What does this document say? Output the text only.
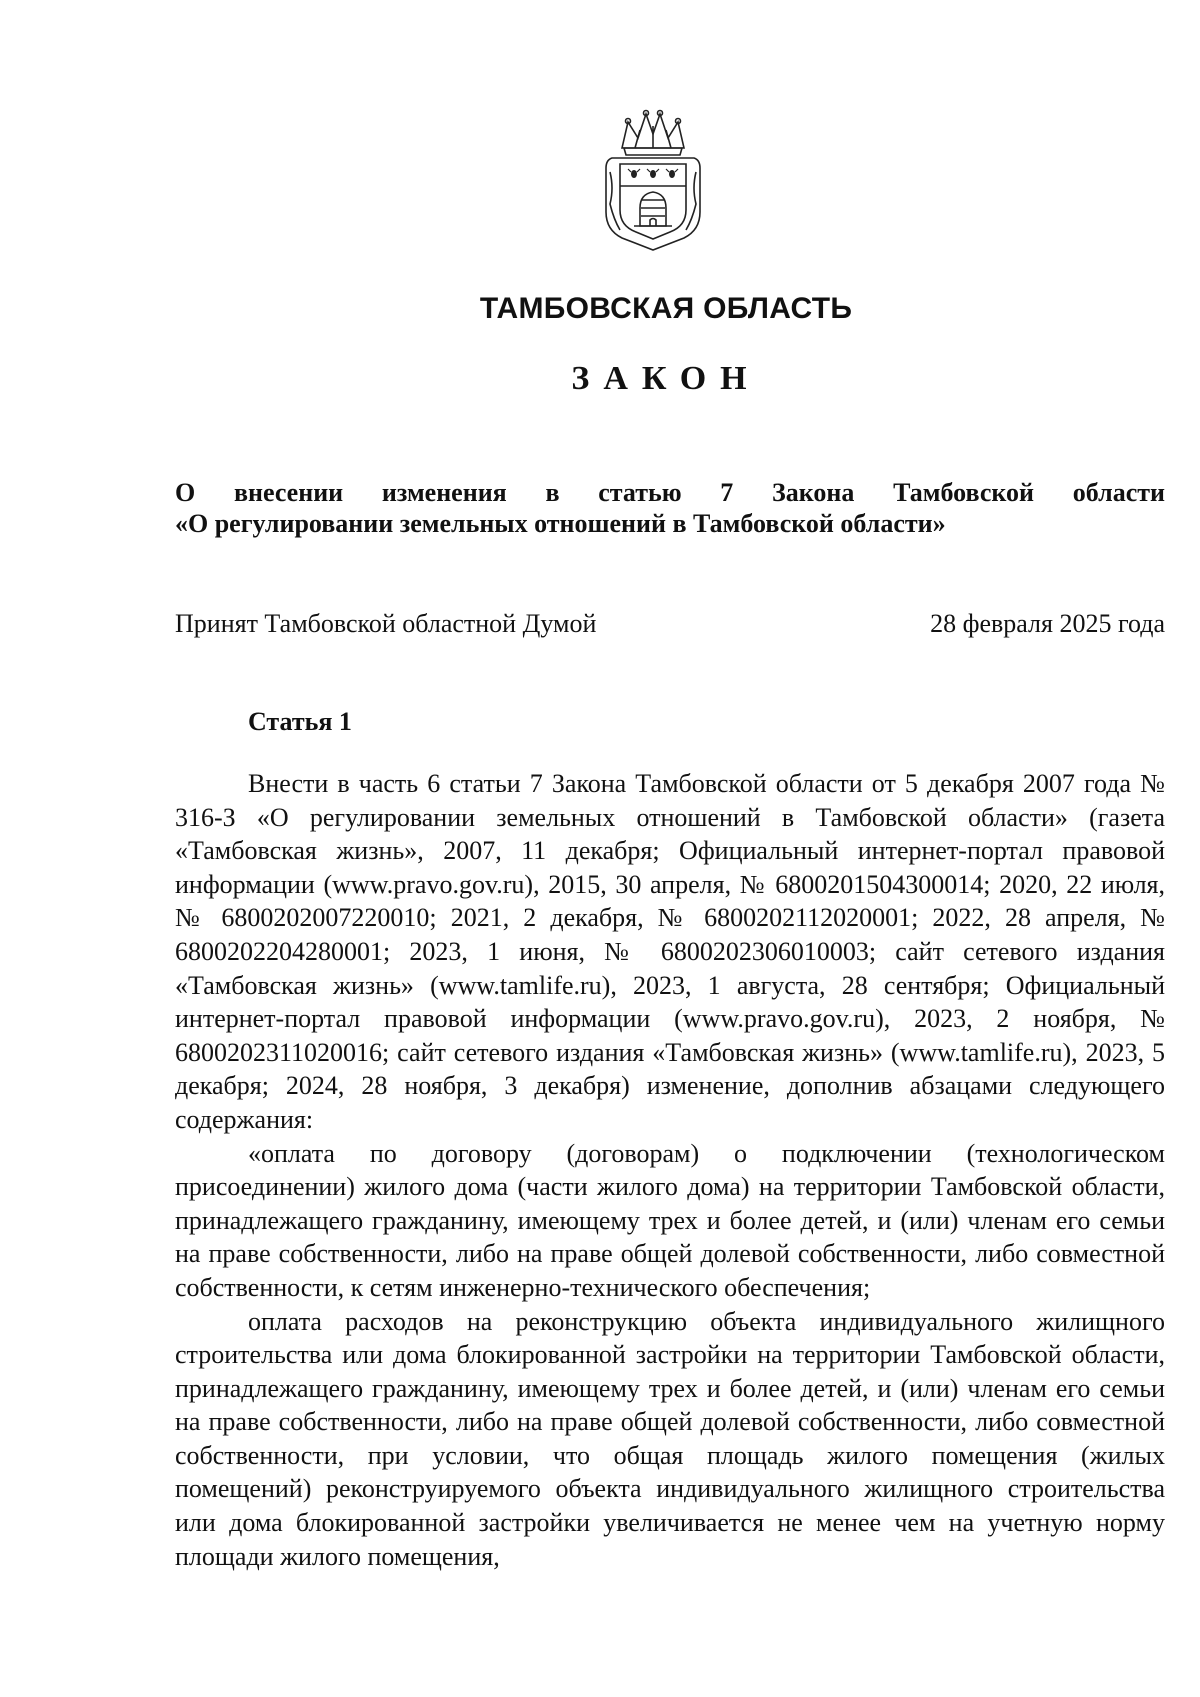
ТАМБОВСКАЯ ОБЛАСТЬ
ЗАКОН
О внесении изменения в статью 7 Закона Тамбовской области
«О регулировании земельных отношений в Тамбовской области»
Принят Тамбовской областной Думой	28 февраля 2025 года
Статья 1

Внести в часть 6 статьи 7 Закона Тамбовской области от 5 декабря 2007 года № 316-З «О регулировании земельных отношений в Тамбовской области» (газета «Тамбовская жизнь», 2007, 11 декабря; Официальный интернет-портал правовой информации (www.pravo.gov.ru), 2015, 30 апреля, № 6800201504300014; 2020, 22 июля, № 6800202007220010; 2021, 2 декабря, № 6800202112020001; 2022, 28 апреля, № 6800202204280001; 2023, 1 июня, № 6800202306010003; сайт сетевого издания «Тамбовская жизнь» (www.tamlife.ru), 2023, 1 августа, 28 сентября; Официальный интернет-портал правовой информации (www.pravo.gov.ru), 2023, 2 ноября, № 6800202311020016; сайт сетевого издания «Тамбовская жизнь» (www.tamlife.ru), 2023, 5 декабря; 2024, 28 ноября, 3 декабря) изменение, дополнив абзацами следующего содержания:

«оплата по договору (договорам) о подключении (технологическом присоединении) жилого дома (части жилого дома) на территории Тамбовской области, принадлежащего гражданину, имеющему трех и более детей, и (или) членам его семьи на праве собственности, либо на праве общей долевой собственности, либо совместной собственности, к сетям инженерно-технического обеспечения;

оплата расходов на реконструкцию объекта индивидуального жилищного строительства или дома блокированной застройки на территории Тамбовской области, принадлежащего гражданину, имеющему трех и более детей, и (или) членам его семьи на праве собственности, либо на праве общей долевой собственности, либо совместной собственности, при условии, что общая площадь жилого помещения (жилых помещений) реконструируемого объекта индивидуального жилищного строительства или дома блокированной застройки увеличивается не менее чем на учетную норму площади жилого помещения,
